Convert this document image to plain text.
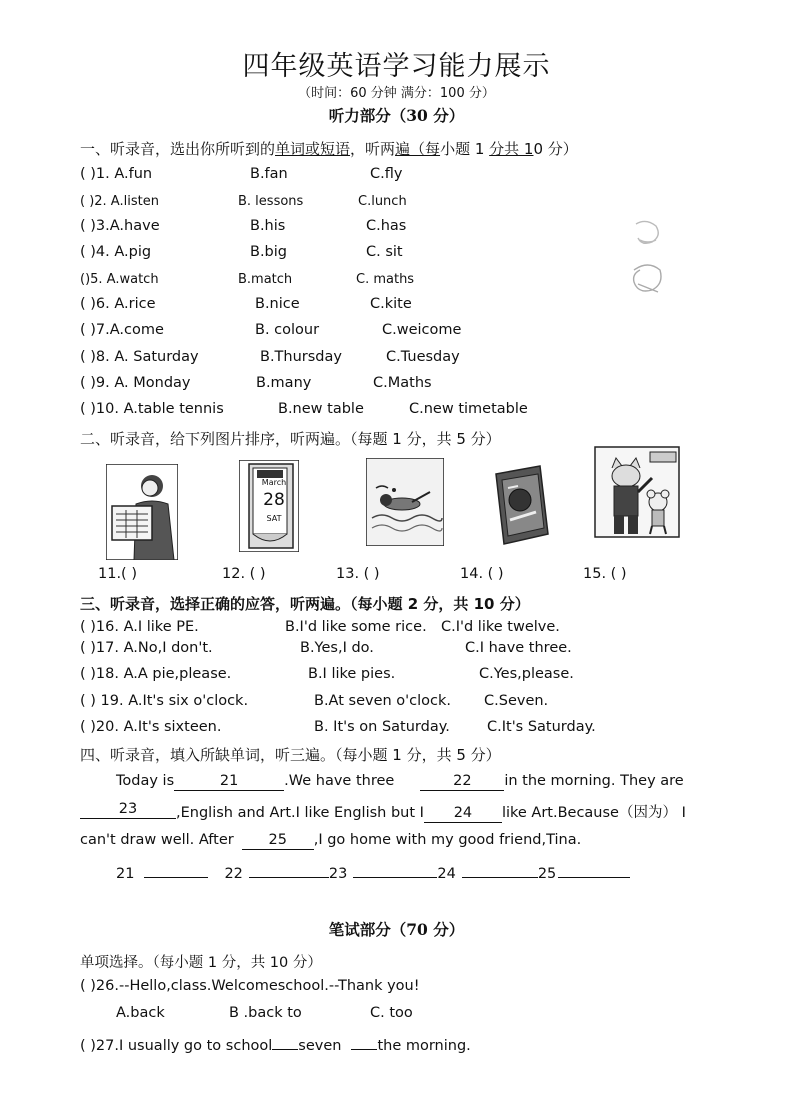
四年级英语学习能力展示
（时间：60 分钟 满分：100 分）
听力部分（30 分）
一、听录音，选出你所听到的单词或短语，听两遍（每小题 1 分共 10 分）
( )1. A.fun	B.fan	C.fly
( )2. A.listen	B. lessons	C.lunch
( )3.A.have	B.his	C.has
( )4. A.pig	B.big	C. sit
()5. A.watch	B.match	C. maths
( )6. A.rice	B.nice	C.kite
( )7.A.come	B. colour	C.weicome
( )8. A. Saturday	B.Thursday	C.Tuesday
( )9. A. Monday	B.many	C.Maths
( )10. A.table tennis	B.new table	C.new timetable
二、听录音，给下列图片排序，听两遍。（每题 1 分，共 5 分）
March
28
SAT
11.( )	12. ( )	13. ( )	14. ( )	15. ( )
三、听录音，选择正确的应答，听两遍。（每小题 2 分，共 10 分）
( )16. A.I like PE.	B.I'd like some rice. C.I'd like twelve.
( )17. A.No,I don't.	B.Yes,I do.	C.I have three.
( )18. A.A pie,please.	B.I like pies.	C.Yes,please.
( ) 19. A.It's six o'clock.	B.At seven o'clock. C.Seven.
( )20. A.It's sixteen.	B. It's on Saturday.	C.It's Saturday.
四、听录音，填入所缺单词，听三遍。（每小题 1 分，共 5 分）
Today is	21	.We have three	22 in the morning. They are
23	,English and Art.I like English but I 24 like Art.Because（因为） I
can't draw well. After 25 ,I go home with my good friend,Tina.
21	22	23	24	25
笔试部分（70 分）
单项选择。（每小题 1 分，共 10 分）
( )26.--Hello,class.Welcomeschool.--Thank you!
A.back	B .back to	C. too
( )27.I usually go to school seven the morning.
